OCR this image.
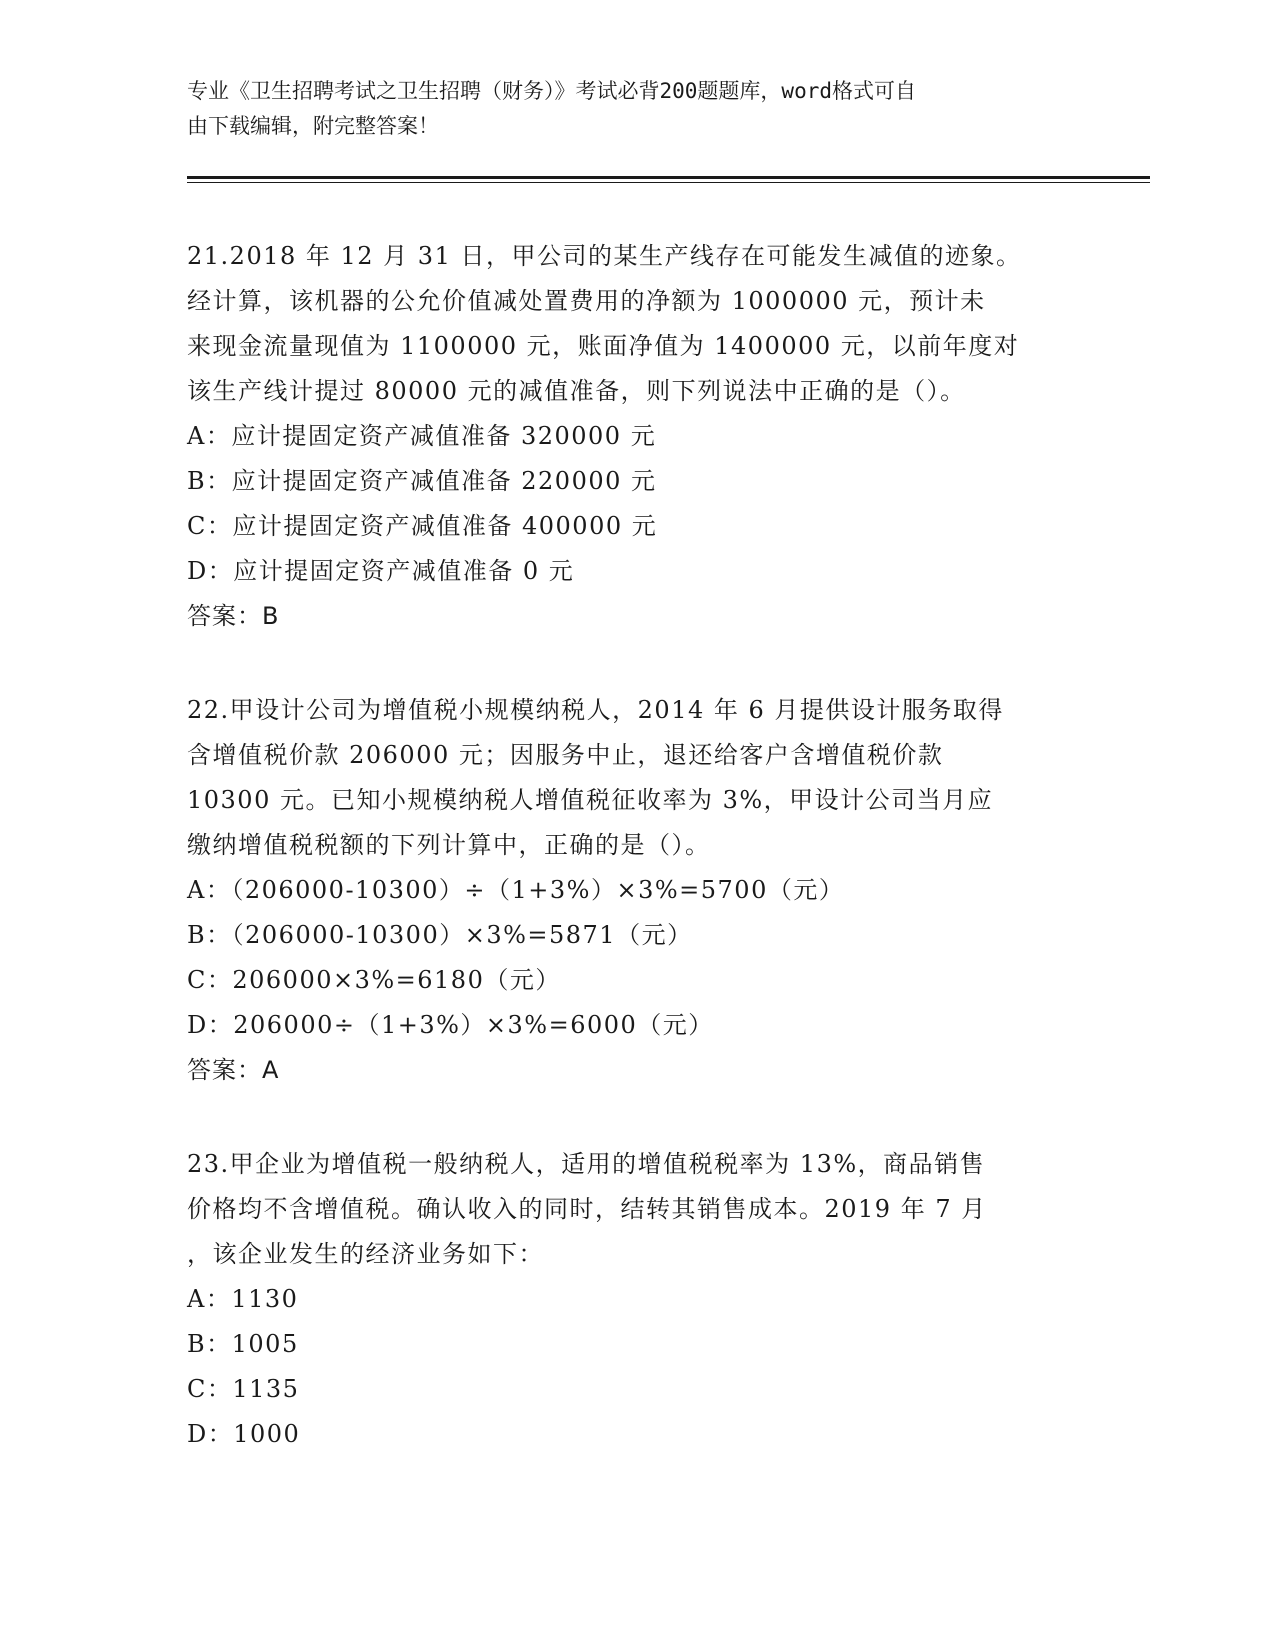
专业《卫生招聘考试之卫生招聘（财务）》考试必背200题题库，word格式可自
由下载编辑，附完整答案！
21.2018 年 12 月 31 日，甲公司的某生产线存在可能发生减值的迹象。
经计算，该机器的公允价值减处置费用的净额为 1000000 元，预计未
来现金流量现值为 1100000 元，账面净值为 1400000 元，以前年度对
该生产线计提过 80000 元的减值准备，则下列说法中正确的是（）。
A：应计提固定资产减值准备 320000 元
B：应计提固定资产减值准备 220000 元
C：应计提固定资产减值准备 400000 元
D：应计提固定资产减值准备 0 元
答案：B
22.甲设计公司为增值税小规模纳税人，2014 年 6 月提供设计服务取得
含增值税价款 206000 元；因服务中止，退还给客户含增值税价款
10300 元。已知小规模纳税人增值税征收率为 3%，甲设计公司当月应
缴纳增值税税额的下列计算中，正确的是（）。
A：（206000-10300）÷（1+3%）×3%=5700（元）
B：（206000-10300）×3%=5871（元）
C：206000×3%=6180（元）
D：206000÷（1+3%）×3%=6000（元）
答案：A
23.甲企业为增值税一般纳税人，适用的增值税税率为 13%，商品销售
价格均不含增值税。确认收入的同时，结转其销售成本。2019 年 7 月
，该企业发生的经济业务如下：
A：1130
B：1005
C：1135
D：1000
